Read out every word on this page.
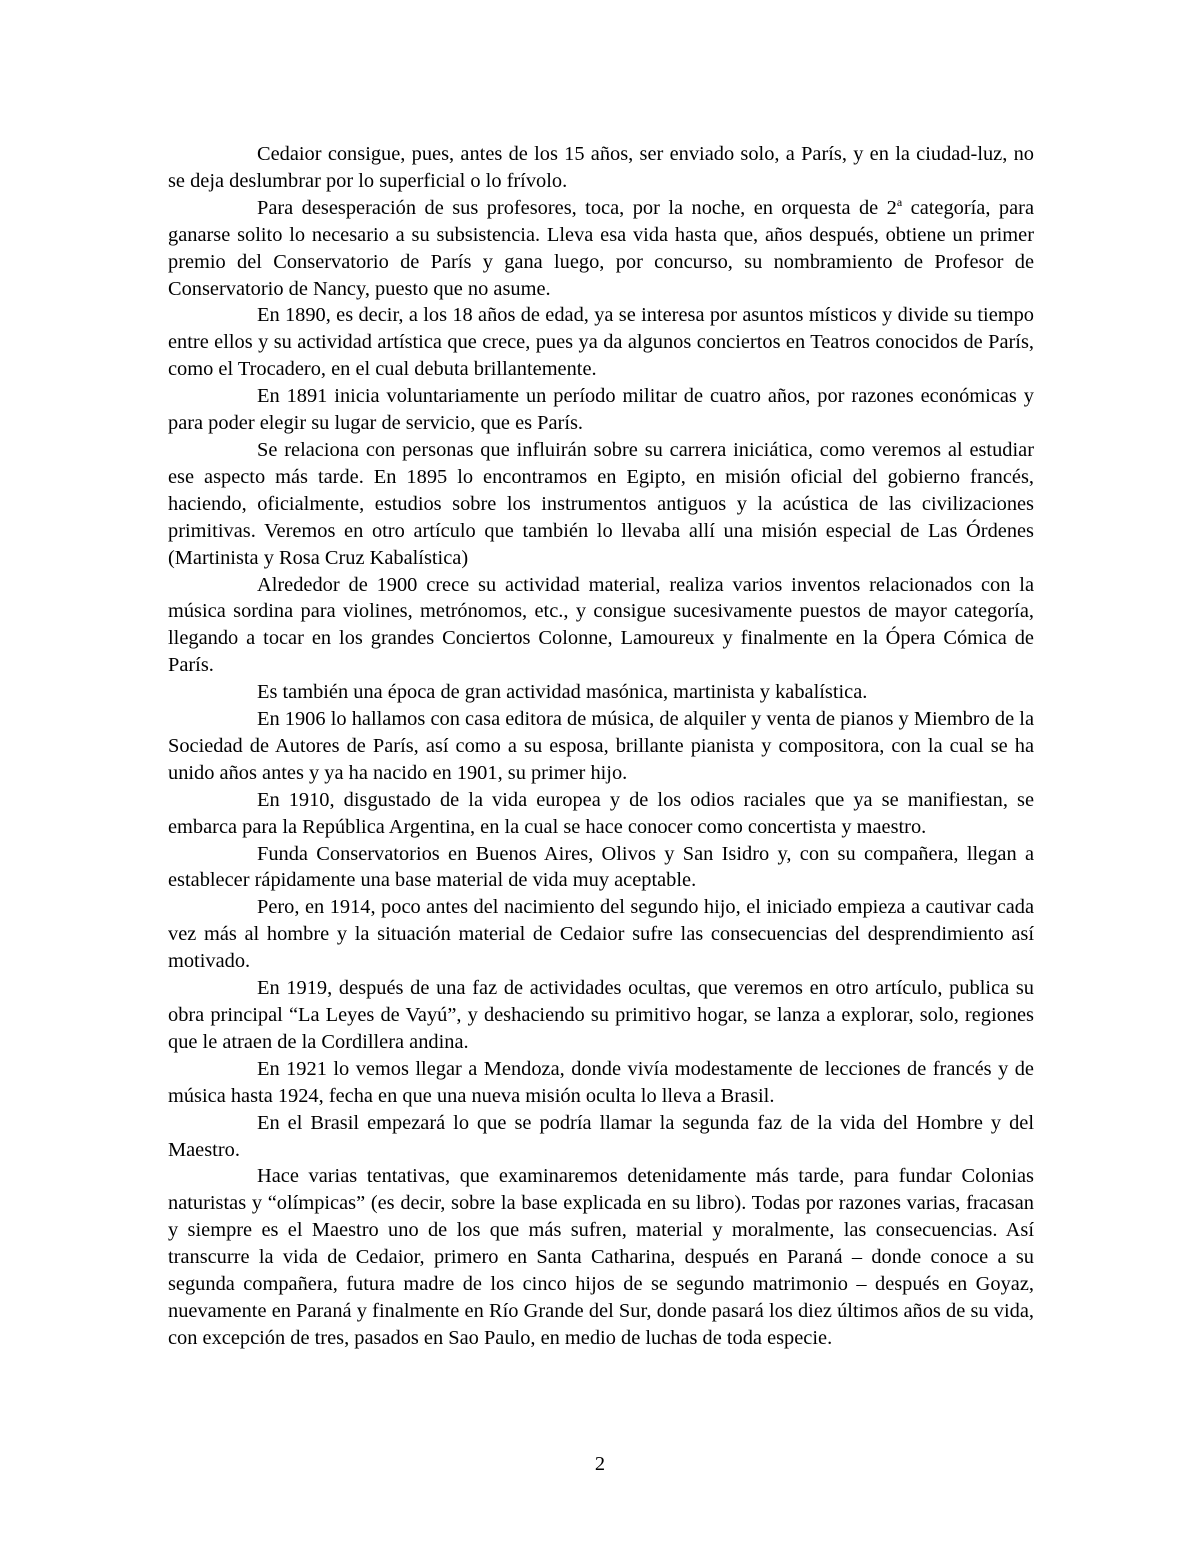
Cedaior consigue, pues, antes de los 15 años, ser enviado solo, a París, y en la ciudad-luz, no se deja deslumbrar por lo superficial o lo frívolo.

Para desesperación de sus profesores, toca, por la noche, en orquesta de 2$^a$ categoría, para ganarse solito lo necesario a su subsistencia. Lleva esa vida hasta que, años después, obtiene un primer premio del Conservatorio de París y gana luego, por concurso, su nombramiento de Profesor de Conservatorio de Nancy, puesto que no asume.

En 1890, es decir, a los 18 años de edad, ya se interesa por asuntos místicos y divide su tiempo entre ellos y su actividad artística que crece, pues ya da algunos conciertos en Teatros conocidos de París, como el Trocadero, en el cual debuta brillantemente.

En 1891 inicia voluntariamente un período militar de cuatro años, por razones económicas y para poder elegir su lugar de servicio, que es París.

Se relaciona con personas que influirán sobre su carrera iniciática, como veremos al estudiar ese aspecto más tarde. En 1895 lo encontramos en Egipto, en misión oficial del gobierno francés, haciendo, oficialmente, estudios sobre los instrumentos antiguos y la acústica de las civilizaciones primitivas. Veremos en otro artículo que también lo llevaba allí una misión especial de Las Órdenes (Martinista y Rosa Cruz Kabalística)

Alrededor de 1900 crece su actividad material, realiza varios inventos relacionados con la música sordina para violines, metrónomos, etc., y consigue sucesivamente puestos de mayor categoría, llegando a tocar en los grandes Conciertos Colonne, Lamoureux y finalmente en la Ópera Cómica de París.

Es también una época de gran actividad masónica, martinista y kabalística.

En 1906 lo hallamos con casa editora de música, de alquiler y venta de pianos y Miembro de la Sociedad de Autores de París, así como a su esposa, brillante pianista y compositora, con la cual se ha unido años antes y ya ha nacido en 1901, su primer hijo.

En 1910, disgustado de la vida europea y de los odios raciales que ya se manifiestan, se embarca para la República Argentina, en la cual se hace conocer como concertista y maestro.

Funda Conservatorios en Buenos Aires, Olivos y San Isidro y, con su compañera, llegan a establecer rápidamente una base material de vida muy aceptable.

Pero, en 1914, poco antes del nacimiento del segundo hijo, el iniciado empieza a cautivar cada vez más al hombre y la situación material de Cedaior sufre las consecuencias del desprendimiento así motivado.

En 1919, después de una faz de actividades ocultas, que veremos en otro artículo, publica su obra principal “La Leyes de Vayú”, y deshaciendo su primitivo hogar, se lanza a explorar, solo, regiones que le atraen de la Cordillera andina.

En 1921 lo vemos llegar a Mendoza, donde vivía modestamente de lecciones de francés y de música hasta 1924, fecha en que una nueva misión oculta lo lleva a Brasil.

En el Brasil empezará lo que se podría llamar la segunda faz de la vida del Hombre y del Maestro.

Hace varias tentativas, que examinaremos detenidamente más tarde, para fundar Colonias naturistas y “olímpicas” (es decir, sobre la base explicada en su libro). Todas por razones varias, fracasan y siempre es el Maestro uno de los que más sufren, material y moralmente, las consecuencias. Así transcurre la vida de Cedaior, primero en Santa Catharina, después en Paraná – donde conoce a su segunda compañera, futura madre de los cinco hijos de se segundo matrimonio – después en Goyaz, nuevamente en Paraná y finalmente en Río Grande del Sur, donde pasará los diez últimos años de su vida, con excepción de tres, pasados en Sao Paulo, en medio de luchas de toda especie.

2
